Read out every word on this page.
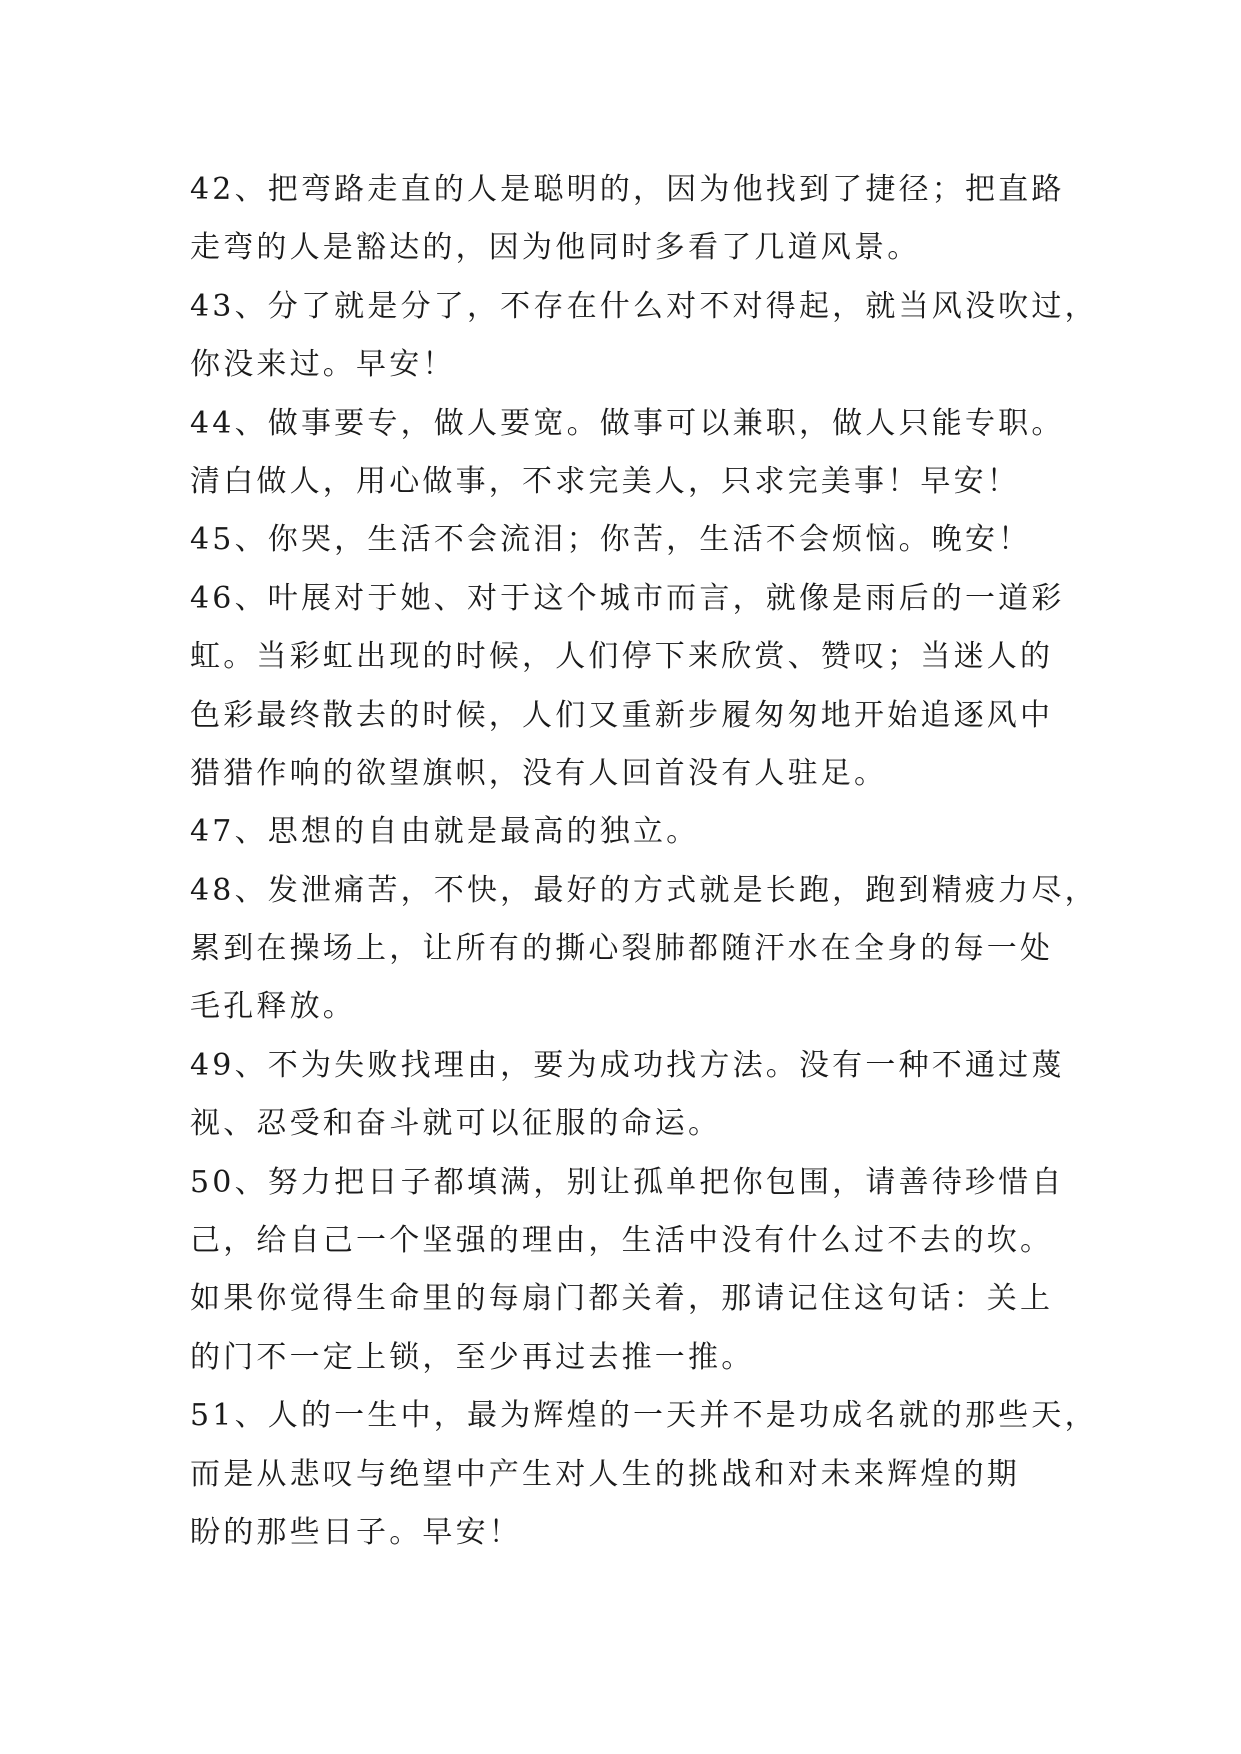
42、把弯路走直的人是聪明的，因为他找到了捷径；把直路
走弯的人是豁达的，因为他同时多看了几道风景。
43、分了就是分了，不存在什么对不对得起，就当风没吹过，
你没来过。早安！
44、做事要专，做人要宽。做事可以兼职，做人只能专职。
清白做人，用心做事，不求完美人，只求完美事！早安！
45、你哭，生活不会流泪；你苦，生活不会烦恼。晚安！
46、叶展对于她、对于这个城市而言，就像是雨后的一道彩
虹。当彩虹出现的时候，人们停下来欣赏、赞叹；当迷人的
色彩最终散去的时候，人们又重新步履匆匆地开始追逐风中
猎猎作响的欲望旗帜，没有人回首没有人驻足。
47、思想的自由就是最高的独立。
48、发泄痛苦，不快，最好的方式就是长跑，跑到精疲力尽，
累到在操场上，让所有的撕心裂肺都随汗水在全身的每一处
毛孔释放。
49、不为失败找理由，要为成功找方法。没有一种不通过蔑
视、忍受和奋斗就可以征服的命运。
50、努力把日子都填满，别让孤单把你包围，请善待珍惜自
己，给自己一个坚强的理由，生活中没有什么过不去的坎。
如果你觉得生命里的每扇门都关着，那请记住这句话：关上
的门不一定上锁，至少再过去推一推。
51、人的一生中，最为辉煌的一天并不是功成名就的那些天，
而是从悲叹与绝望中产生对人生的挑战和对未来辉煌的期
盼的那些日子。早安！
